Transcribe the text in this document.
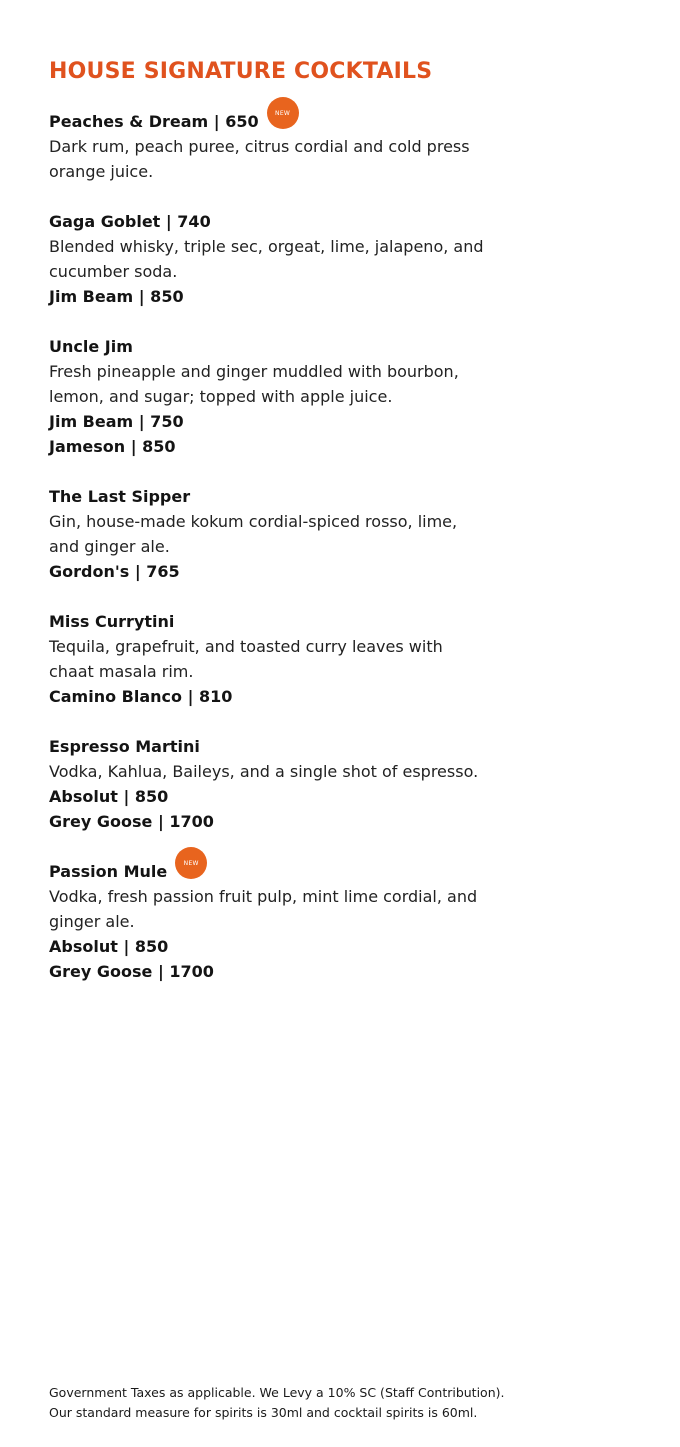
HOUSE SIGNATURE COCKTAILS
Peaches & Dream | 650	NEW
Dark rum, peach puree, citrus cordial and cold press orange juice.
Gaga Goblet | 740
Blended whisky, triple sec, orgeat, lime, jalapeno, and cucumber soda.
Jim Beam | 850
Uncle Jim
Fresh pineapple and ginger muddled with bourbon, lemon, and sugar; topped with apple juice.
Jim Beam | 750
Jameson | 850
The Last Sipper
Gin, house-made kokum cordial-spiced rosso, lime, and ginger ale.
Gordon's | 765
Miss Currytini
Tequila, grapefruit, and toasted curry leaves with chaat masala rim.
Camino Blanco | 810
Espresso Martini
Vodka, Kahlua, Baileys, and a single shot of espresso.
Absolut | 850
Grey Goose | 1700
Passion Mule	NEW
Vodka, fresh passion fruit pulp, mint lime cordial, and ginger ale.
Absolut | 850
Grey Goose | 1700
Government Taxes as applicable. We Levy a 10% SC (Staff Contribution).
Our standard measure for spirits is 30ml and cocktail spirits is 60ml.
